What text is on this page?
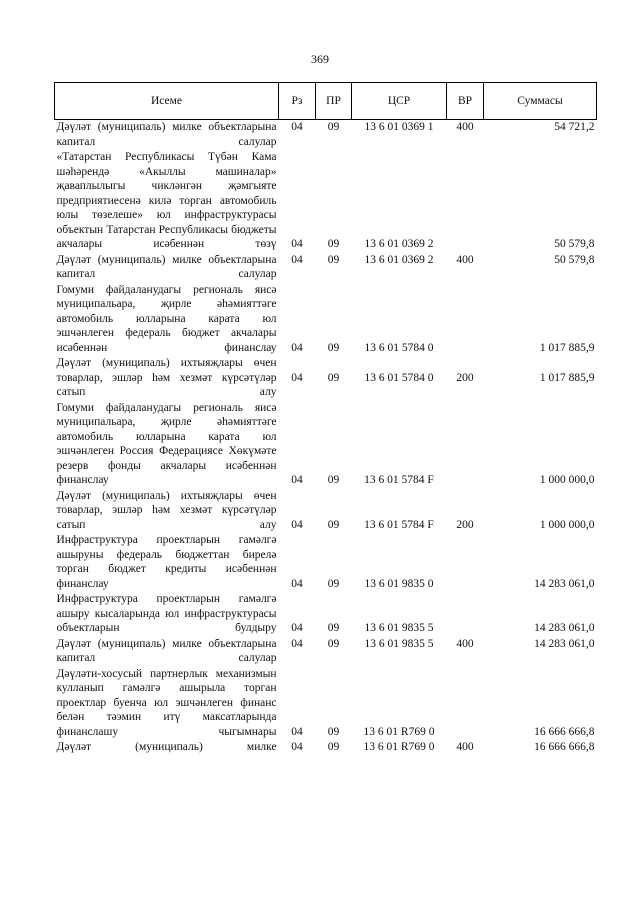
369
Исеме	Рз	ПР	ЦСР	ВР	Суммасы
Дәүләт (муниципаль) милке объектларына капитал салулар	04	09	13 6 01 0369 1	400	54 721,2
«Татарстан Республикасы Түбән Кама шәһәрендә «Акыллы машиналар» җаваплылыгы чикләнгән җәмгыяте предприятиесенә килә торган автомобиль юлы төзелеше» юл инфраструктурасы объектын Татарстан Республикасы бюджеты акчалары исәбеннән төзү	04	09	13 6 01 0369 2		50 579,8
Дәүләт (муниципаль) милке объектларына капитал салулар	04	09	13 6 01 0369 2	400	50 579,8
Гомуми файдаланудагы региональ яисә муниципальара, җирле әһәмияттәге автомобиль юлларына карата юл эшчәнлеген федераль бюджет акчалары исәбеннән финанслау	04	09	13 6 01 5784 0		1 017 885,9
Дәүләт (муниципаль) ихтыяҗлары өчен товарлар, эшләр һәм хезмәт күрсәтүләр сатып алу	04	09	13 6 01 5784 0	200	1 017 885,9
Гомуми файдаланудагы региональ яисә муниципальара, җирле әһәмияттәге автомобиль юлларына карата юл эшчәнлеген Россия Федерациясе Хөкүмәте резерв фонды акчалары исәбеннән финанслау	04	09	13 6 01 5784 F		1 000 000,0
Дәүләт (муниципаль) ихтыяҗлары өчен товарлар, эшләр һәм хезмәт күрсәтүләр сатып алу	04	09	13 6 01 5784 F	200	1 000 000,0
Инфраструктура проектларын гамәлгә ашыруны федераль бюджеттан бирелә торган бюджет кредиты исәбеннән финанслау	04	09	13 6 01 9835 0		14 283 061,0
Инфраструктура проектларын гамәлгә ашыру кысаларында юл инфраструктурасы объектларын булдыру	04	09	13 6 01 9835 5		14 283 061,0
Дәүләт (муниципаль) милке объектларына капитал салулар	04	09	13 6 01 9835 5	400	14 283 061,0
Дәүләти-хосусый партнерлык механизмын кулланып гамәлгә ашырыла торган проектлар буенча юл эшчәнлеген финанс белән тәэмин итү максатларында финанслашу чыгымнары	04	09	13 6 01 R769 0		16 666 666,8
Дәүләт (муниципаль) милке	04	09	13 6 01 R769 0	400	16 666 666,8
